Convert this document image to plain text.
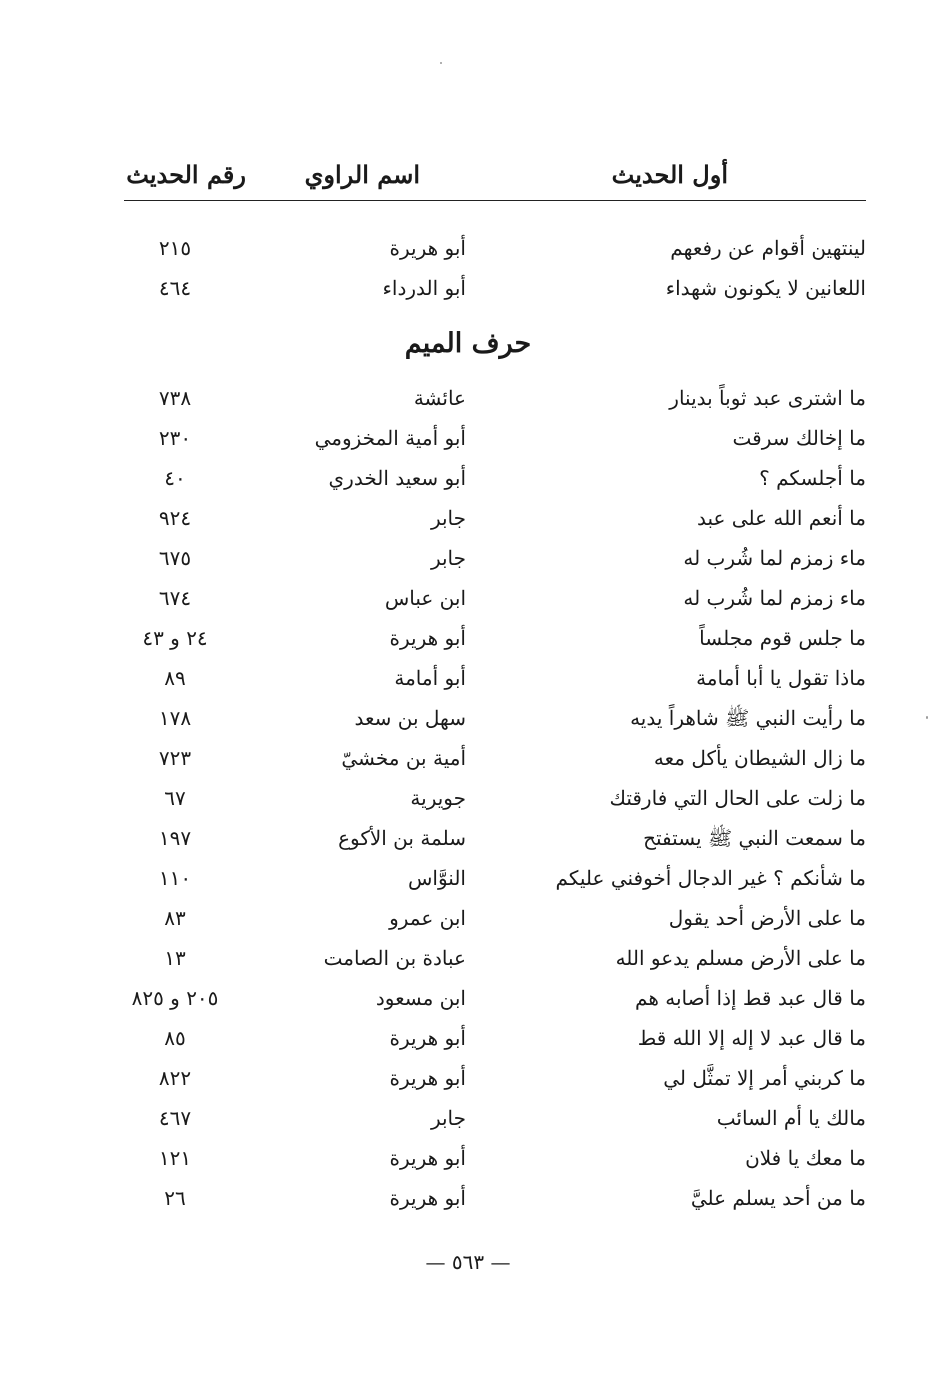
أول الحديث
اسم الراوي
رقم الحديث
لينتهين أقوام عن رفعهم
أبو هريرة
٢١٥
اللعانين لا يكونون شهداء
أبو الدرداء
٤٦٤
حرف الميم
ما اشترى عبد ثوباً بدينار
عائشة
٧٣٨
ما إخالك سرقت
أبو أمية المخزومي
٢٣٠
ما أجلسكم ؟
أبو سعيد الخدري
٤٠
ما أنعم الله على عبد
جابر
٩٢٤
ماء زمزم لما شُرب له
جابر
٦٧٥
ماء زمزم لما شُرب له
ابن عباس
٦٧٤
ما جلس قوم مجلساً
أبو هريرة
٢٤ و ٤٣
ماذا تقول يا أبا أمامة
أبو أمامة
٨٩
ما رأيت النبي ﷺ شاهراً يديه
سهل بن سعد
١٧٨
ما زال الشيطان يأكل معه
أمية بن مخشيّ
٧٢٣
ما زلت على الحال التي فارقتك
جويرية
٦٧
ما سمعت النبي ﷺ يستفتح
سلمة بن الأكوع
١٩٧
ما شأنكم ؟ غير الدجال أخوفني عليكم
النوَّاس
١١٠
ما على الأرض أحد يقول
ابن عمرو
٨٣
ما على الأرض مسلم يدعو الله
عبادة بن الصامت
١٣
ما قال عبد قط إذا أصابه هم
ابن مسعود
٢٠٥ و ٨٢٥
ما قال عبد لا إله إلا الله قط
أبو هريرة
٨٥
ما كربني أمر إلا تمثَّل لي
أبو هريرة
٨٢٢
مالك يا أم السائب
جابر
٤٦٧
ما معك يا فلان
أبو هريرة
١٢١
ما من أحد يسلم عليَّ
أبو هريرة
٢٦
— ٥٦٣ —
